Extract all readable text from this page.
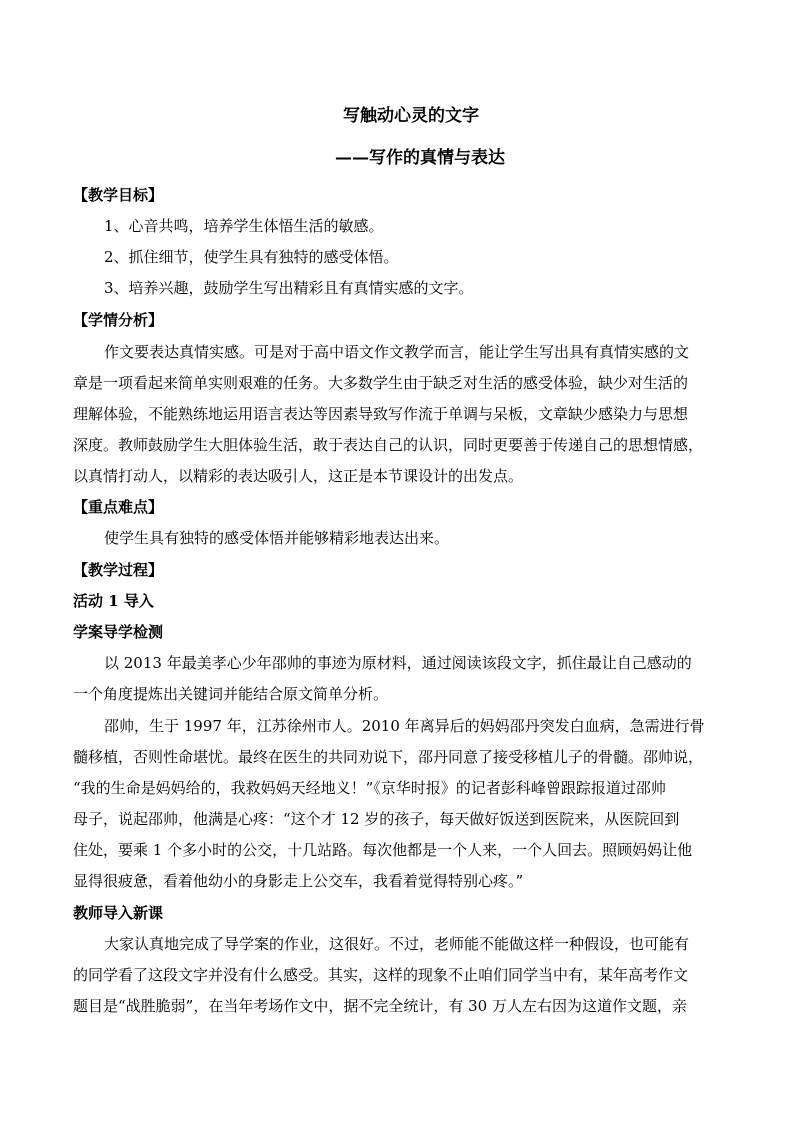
写触动心灵的文字
——写作的真情与表达
【教学目标】
1、心音共鸣，培养学生体悟生活的敏感。
2、抓住细节，使学生具有独特的感受体悟。
3、培养兴趣，鼓励学生写出精彩且有真情实感的文字。
【学情分析】
作文要表达真情实感。可是对于高中语文作文教学而言，能让学生写出具有真情实感的文
章是一项看起来简单实则艰难的任务。大多数学生由于缺乏对生活的感受体验，缺少对生活的
理解体验，不能熟练地运用语言表达等因素导致写作流于单调与呆板，文章缺少感染力与思想
深度。教师鼓励学生大胆体验生活，敢于表达自己的认识，同时更要善于传递自己的思想情感，
以真情打动人，以精彩的表达吸引人，这正是本节课设计的出发点。
【重点难点】
使学生具有独特的感受体悟并能够精彩地表达出来。
【教学过程】
活动 1 导入
学案导学检测
以 2013 年最美孝心少年邵帅的事迹为原材料，通过阅读该段文字，抓住最让自己感动的
一个角度提炼出关键词并能结合原文简单分析。
邵帅，生于 1997 年，江苏徐州市人。2010 年离异后的妈妈邵丹突发白血病，急需进行骨
髓移植，否则性命堪忧。最终在医生的共同劝说下，邵丹同意了接受移植儿子的骨髓。邵帅说，
“我的生命是妈妈给的，我救妈妈天经地义！”《京华时报》的记者彭科峰曾跟踪报道过邵帅
母子，说起邵帅，他满是心疼：“这个才 12 岁的孩子，每天做好饭送到医院来，从医院回到
住处，要乘 1 个多小时的公交，十几站路。每次他都是一个人来，一个人回去。照顾妈妈让他
显得很疲惫，看着他幼小的身影走上公交车，我看着觉得特别心疼。”
教师导入新课
大家认真地完成了导学案的作业，这很好。不过，老师能不能做这样一种假设，也可能有
的同学看了这段文字并没有什么感受。其实，这样的现象不止咱们同学当中有，某年高考作文
题目是“战胜脆弱”，在当年考场作文中，据不完全统计，有 30 万人左右因为这道作文题，亲
